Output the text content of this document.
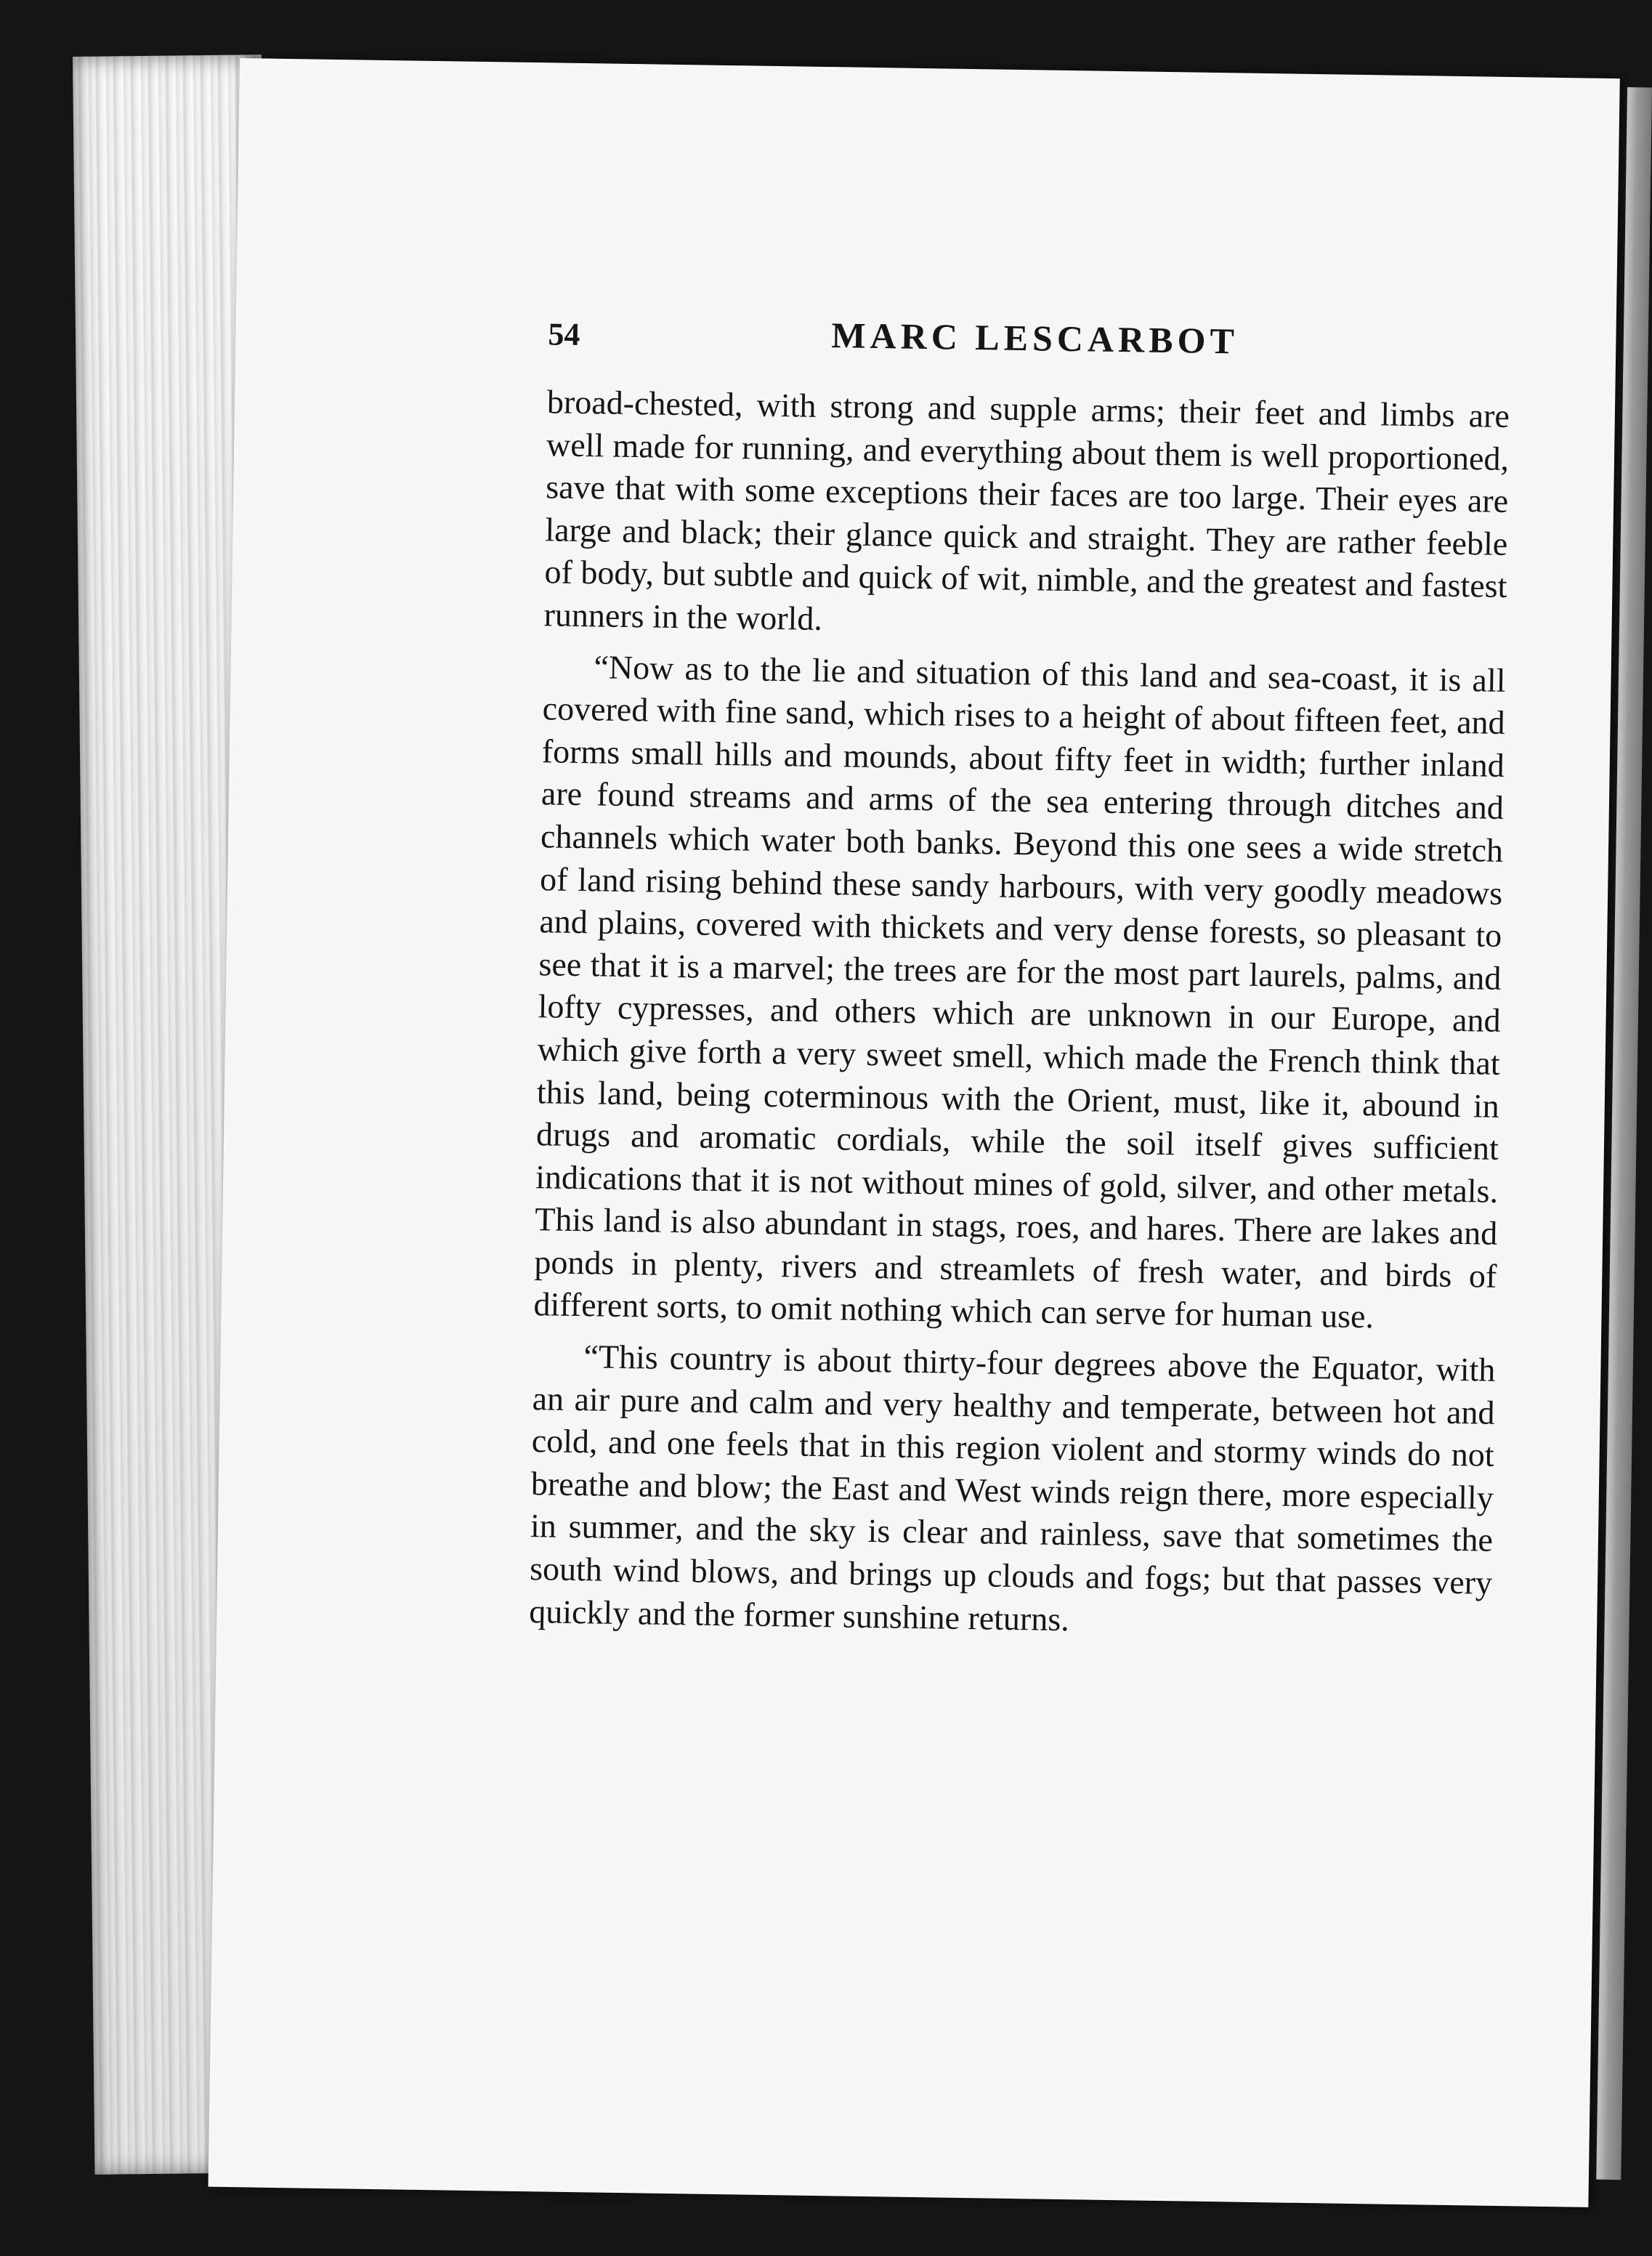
54	MARC LESCARBOT

broad-chested, with strong and supple arms; their feet and limbs are well made for running, and everything about them is well proportioned, save that with some exceptions their faces are too large. Their eyes are large and black; their glance quick and straight. They are rather feeble of body, but subtle and quick of wit, nimble, and the greatest and fastest runners in the world.

“Now as to the lie and situation of this land and sea-coast, it is all covered with fine sand, which rises to a height of about fifteen feet, and forms small hills and mounds, about fifty feet in width; further inland are found streams and arms of the sea entering through ditches and channels which water both banks. Beyond this one sees a wide stretch of land rising behind these sandy harbours, with very goodly meadows and plains, covered with thickets and very dense forests, so pleasant to see that it is a marvel; the trees are for the most part laurels, palms, and lofty cypresses, and others which are unknown in our Europe, and which give forth a very sweet smell, which made the French think that this land, being coterminous with the Orient, must, like it, abound in drugs and aromatic cordials, while the soil itself gives sufficient indications that it is not without mines of gold, silver, and other metals. This land is also abundant in stags, roes, and hares. There are lakes and ponds in plenty, rivers and streamlets of fresh water, and birds of different sorts, to omit nothing which can serve for human use.

“This country is about thirty-four degrees above the Equator, with an air pure and calm and very healthy and temperate, between hot and cold, and one feels that in this region violent and stormy winds do not breathe and blow; the East and West winds reign there, more especially in summer, and the sky is clear and rainless, save that sometimes the south wind blows, and brings up clouds and fogs; but that passes very quickly and the former sunshine returns.
